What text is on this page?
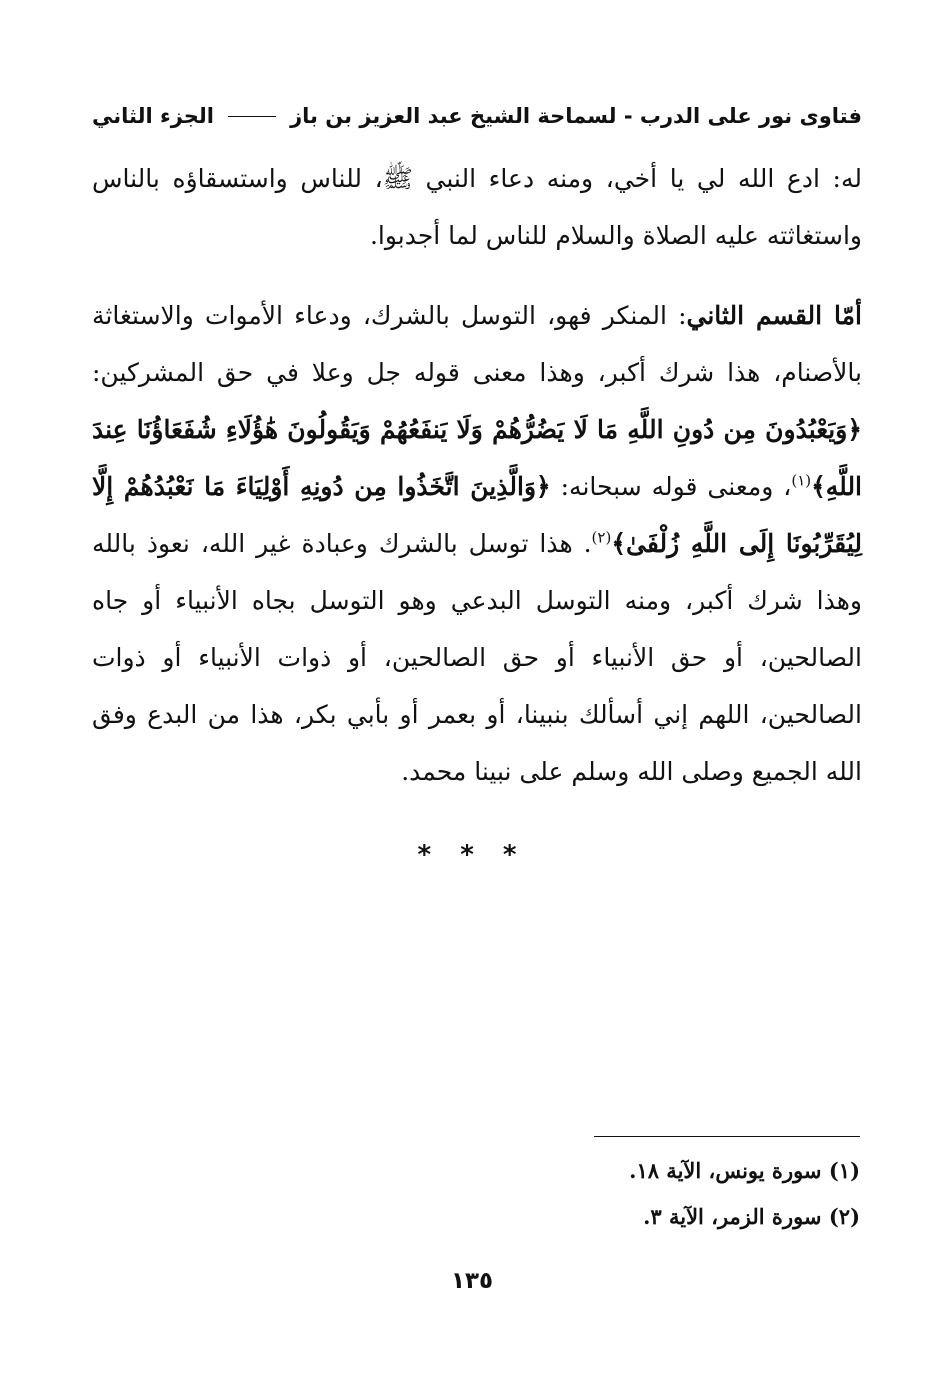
فتاوى نور على الدرب - لسماحة الشيخ عبد العزيز بن باز
الجزء الثاني

له: ادع الله لي يا أخي، ومنه دعاء النبي ﷺ، للناس واستسقاؤه بالناس واستغاثته عليه الصلاة والسلام للناس لما أجدبوا.

أمّا القسم الثاني: المنكر فهو، التوسل بالشرك، ودعاء الأموات والاستغاثة بالأصنام، هذا شرك أكبر، وهذا معنى قوله جل وعلا في حق المشركين: ﴿وَيَعْبُدُونَ مِن دُونِ اللَّهِ مَا لَا يَضُرُّهُمْ وَلَا يَنفَعُهُمْ وَيَقُولُونَ هَٰؤُلَاءِ شُفَعَاؤُنَا عِندَ اللَّهِ﴾$^{(١)}$، ومعنى قوله سبحانه: ﴿وَالَّذِينَ اتَّخَذُوا مِن دُونِهِ أَوْلِيَاءَ مَا نَعْبُدُهُمْ إِلَّا لِيُقَرِّبُونَا إِلَى اللَّهِ زُلْفَىٰ﴾$^{(٢)}$. هذا توسل بالشرك وعبادة غير الله، نعوذ بالله وهذا شرك أكبر، ومنه التوسل البدعي وهو التوسل بجاه الأنبياء أو جاه الصالحين، أو حق الأنبياء أو حق الصالحين، أو ذوات الأنبياء أو ذوات الصالحين، اللهم إني أسألك بنبينا، أو بعمر أو بأبي بكر، هذا من البدع وفق الله الجميع وصلى الله وسلم على نبينا محمد.

* * *
(١) سورة يونس، الآية ١٨.
(٢) سورة الزمر، الآية ٣.
١٣٥
